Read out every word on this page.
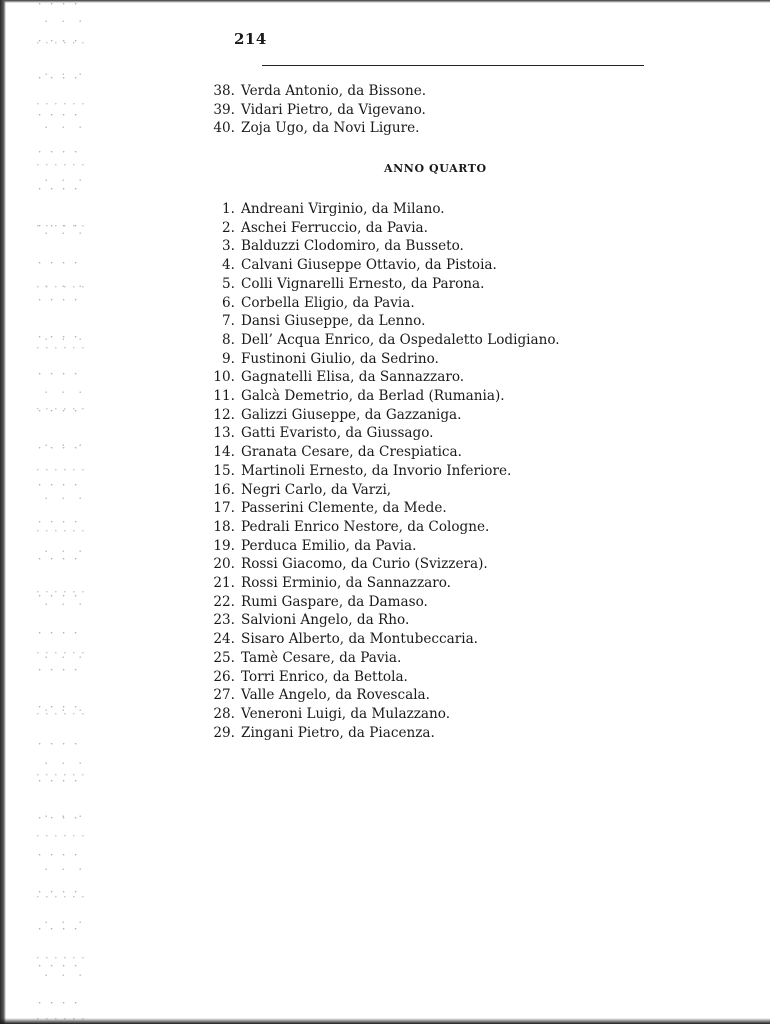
214
ANNO QUARTO
38. Verda Antonio, da Bissone.
39. Vidari Pietro, da Vigevano.
40. Zoja Ugo, da Novi Ligure.
1. Andreani Virginio, da Milano.
2. Aschei Ferruccio, da Pavia.
3. Balduzzi Clodomiro, da Busseto.
4. Calvani Giuseppe Ottavio, da Pistoia.
5. Colli Vignarelli Ernesto, da Parona.
6. Corbella Eligio, da Pavia.
7. Dansi Giuseppe, da Lenno.
8. Dell’ Acqua Enrico, da Ospedaletto Lodigiano.
9. Fustinoni Giulio, da Sedrino.
10. Gagnatelli Elisa, da Sannazzaro.
11. Galcà Demetrio, da Berlad (Rumania).
12. Galizzi Giuseppe, da Gazzaniga.
13. Gatti Evaristo, da Giussago.
14. Granata Cesare, da Crespiatica.
15. Martinoli Ernesto, da Invorio Inferiore.
16. Negri Carlo, da Varzi,
17. Passerini Clemente, da Mede.
18. Pedrali Enrico Nestore, da Cologne.
19. Perduca Emilio, da Pavia.
20. Rossi Giacomo, da Curio (Svizzera).
21. Rossi Erminio, da Sannazzaro.
22. Rumi Gaspare, da Damaso.
23. Salvioni Angelo, da Rho.
24. Sisaro Alberto, da Montubeccaria.
25. Tamè Cesare, da Pavia.
26. Torri Enrico, da Bettola.
27. Valle Angelo, da Rovescala.
28. Veneroni Luigi, da Mulazzano.
29. Zingani Pietro, da Piacenza.
